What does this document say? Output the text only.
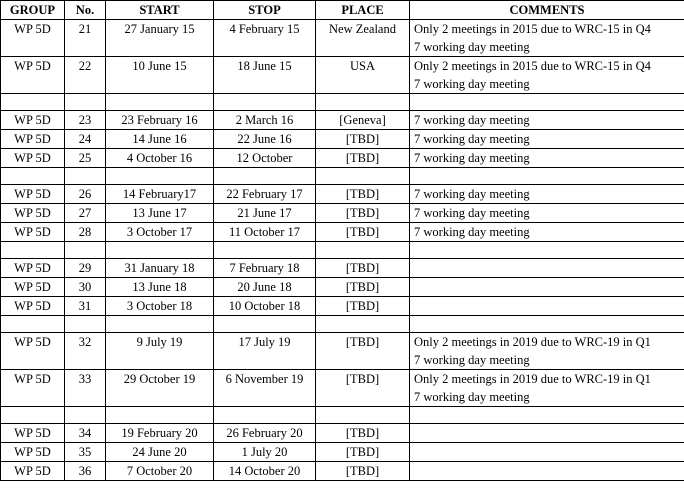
GROUP	No.	START	STOP	PLACE	COMMENTS
WP 5D	21	27 January 15	4 February 15	New Zealand	Only 2 meetings in 2015 due to WRC-15 in Q4
7 working day meeting

WP 5D	22	10 June 15	18 June 15	USA	Only 2 meetings in 2015 due to WRC-15 in Q4
7 working day meeting

WP 5D	23	23 February 16	2 March 16	[Geneva]	7 working day meeting

WP 5D	24	14 June 16	22 June 16	[TBD]	7 working day meeting

WP 5D	25	4 October 16	12 October	[TBD]	7 working day meeting

WP 5D	26	14 February17	22 February 17	[TBD]	7 working day meeting

WP 5D	27	13 June 17	21 June 17	[TBD]	7 working day meeting

WP 5D	28	3 October 17	11 October 17	[TBD]	7 working day meeting

WP 5D	29	31 January 18	7 February 18	[TBD]	
WP 5D	30	13 June 18	20 June 18	[TBD]	
WP 5D	31	3 October 18	10 October 18	[TBD]	

WP 5D	32	9 July 19	17 July 19	[TBD]	Only 2 meetings in 2019 due to WRC-19 in Q1
7 working day meeting

WP 5D	33	29 October 19	6 November 19	[TBD]	Only 2 meetings in 2019 due to WRC-19 in Q1
7 working day meeting

WP 5D	34	19 February 20	26 February 20	[TBD]	
WP 5D	35	24 June 20	1 July 20	[TBD]	
WP 5D	36	7 October 20	14 October 20	[TBD]	
